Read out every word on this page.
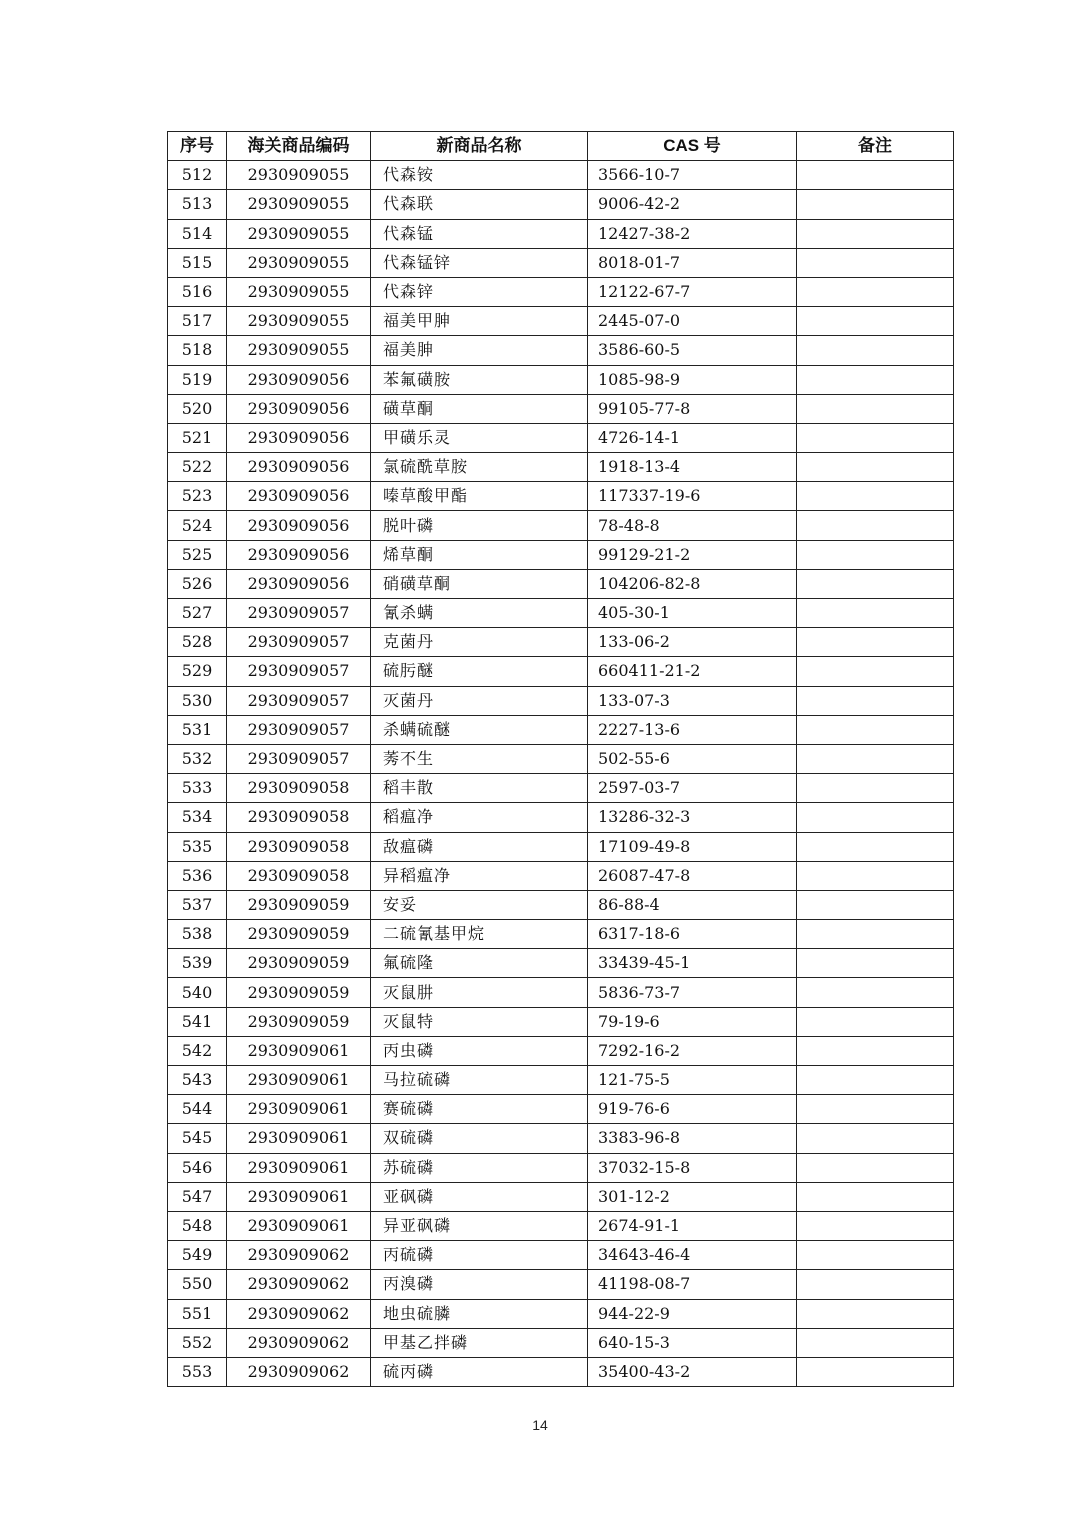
序号	海关商品编码	新商品名称	CAS 号	备注
512	2930909055	代森铵	3566-10-7	
513	2930909055	代森联	9006-42-2	
514	2930909055	代森锰	12427-38-2	
515	2930909055	代森锰锌	8018-01-7	
516	2930909055	代森锌	12122-67-7	
517	2930909055	福美甲胂	2445-07-0	
518	2930909055	福美胂	3586-60-5	
519	2930909056	苯氟磺胺	1085-98-9	
520	2930909056	磺草酮	99105-77-8	
521	2930909056	甲磺乐灵	4726-14-1	
522	2930909056	氯硫酰草胺	1918-13-4	
523	2930909056	嗪草酸甲酯	117337-19-6	
524	2930909056	脱叶磷	78-48-8	
525	2930909056	烯草酮	99129-21-2	
526	2930909056	硝磺草酮	104206-82-8	
527	2930909057	氰杀螨	405-30-1	
528	2930909057	克菌丹	133-06-2	
529	2930909057	硫肟醚	660411-21-2	
530	2930909057	灭菌丹	133-07-3	
531	2930909057	杀螨硫醚	2227-13-6	
532	2930909057	莠不生	502-55-6	
533	2930909058	稻丰散	2597-03-7	
534	2930909058	稻瘟净	13286-32-3	
535	2930909058	敌瘟磷	17109-49-8	
536	2930909058	异稻瘟净	26087-47-8	
537	2930909059	安妥	86-88-4	
538	2930909059	二硫氰基甲烷	6317-18-6	
539	2930909059	氟硫隆	33439-45-1	
540	2930909059	灭鼠肼	5836-73-7	
541	2930909059	灭鼠特	79-19-6	
542	2930909061	丙虫磷	7292-16-2	
543	2930909061	马拉硫磷	121-75-5	
544	2930909061	赛硫磷	919-76-6	
545	2930909061	双硫磷	3383-96-8	
546	2930909061	苏硫磷	37032-15-8	
547	2930909061	亚砜磷	301-12-2	
548	2930909061	异亚砜磷	2674-91-1	
549	2930909062	丙硫磷	34643-46-4	
550	2930909062	丙溴磷	41198-08-7	
551	2930909062	地虫硫膦	944-22-9	
552	2930909062	甲基乙拌磷	640-15-3	
553	2930909062	硫丙磷	35400-43-2	
14
